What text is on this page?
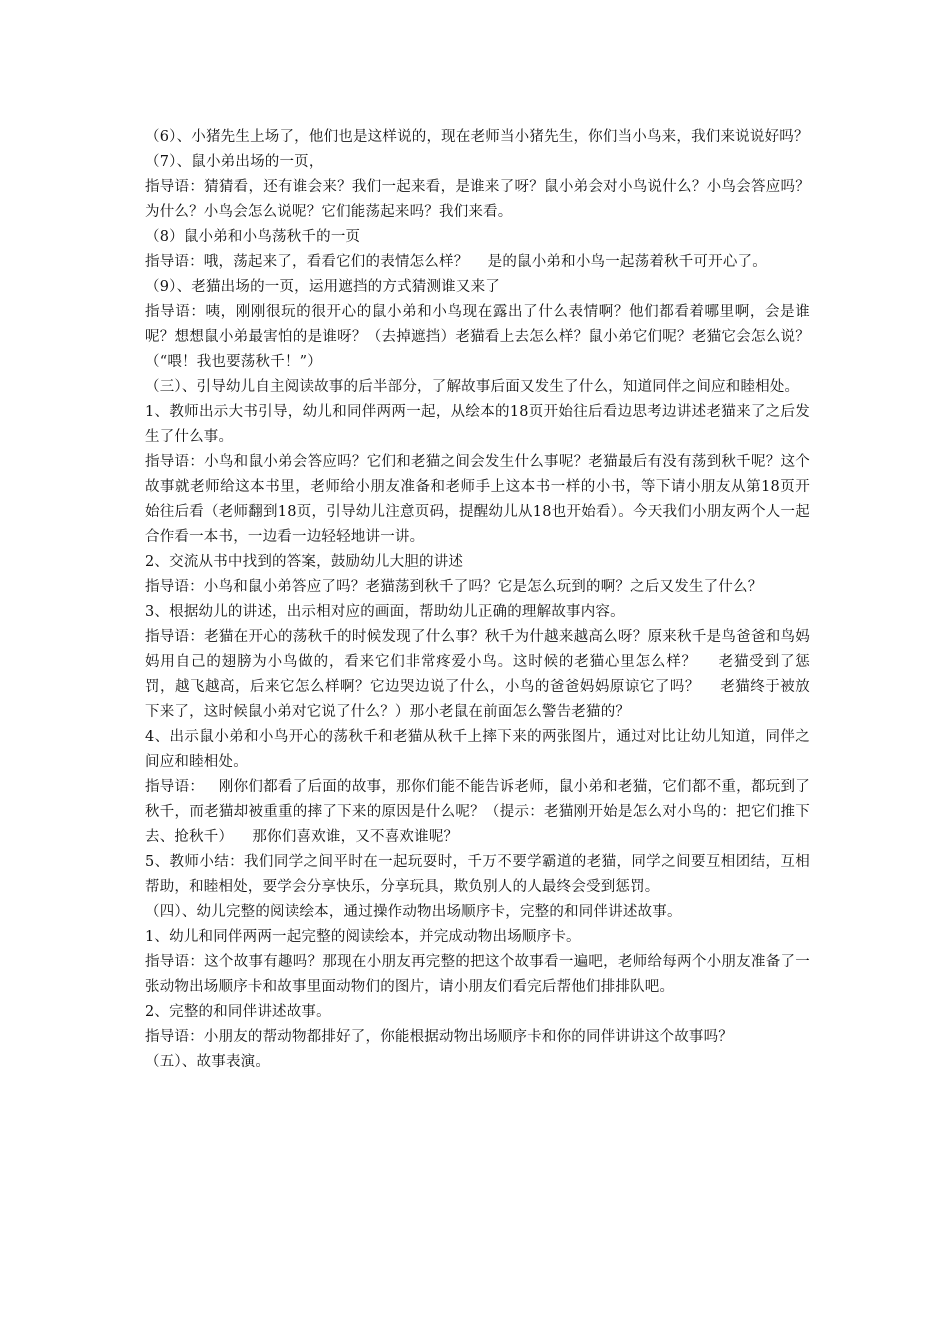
（6）、小猪先生上场了，他们也是这样说的，现在老师当小猪先生，你们当小鸟来，我们来说说好吗？

（7）、鼠小弟出场的一页，

指导语：猜猜看，还有谁会来？我们一起来看，是谁来了呀？鼠小弟会对小鸟说什么？小鸟会答应吗？为什么？小鸟会怎么说呢？它们能荡起来吗？我们来看。

（8）鼠小弟和小鸟荡秋千的一页

指导语：哦，荡起来了，看看它们的表情怎么样？    是的鼠小弟和小鸟一起荡着秋千可开心了。

（9）、老猫出场的一页，运用遮挡的方式猜测谁又来了

指导语：咦，刚刚很玩的很开心的鼠小弟和小鸟现在露出了什么表情啊？他们都看着哪里啊，会是谁呢？想想鼠小弟最害怕的是谁呀？（去掉遮挡）老猫看上去怎么样？鼠小弟它们呢？老猫它会怎么说？（“喂！我也要荡秋千！”）

（三）、引导幼儿自主阅读故事的后半部分，了解故事后面又发生了什么，知道同伴之间应和睦相处。

1、教师出示大书引导，幼儿和同伴两两一起，从绘本的18页开始往后看边思考边讲述老猫来了之后发生了什么事。

指导语：小鸟和鼠小弟会答应吗？它们和老猫之间会发生什么事呢？老猫最后有没有荡到秋千呢？这个故事就老师给这本书里，老师给小朋友准备和老师手上这本书一样的小书，等下请小朋友从第18页开始往后看（老师翻到18页，引导幼儿注意页码，提醒幼儿从18也开始看）。今天我们小朋友两个人一起合作看一本书，一边看一边轻轻地讲一讲。

2、交流从书中找到的答案，鼓励幼儿大胆的讲述

指导语：小鸟和鼠小弟答应了吗？老猫荡到秋千了吗？它是怎么玩到的啊？之后又发生了什么？

3、根据幼儿的讲述，出示相对应的画面，帮助幼儿正确的理解故事内容。

指导语：老猫在开心的荡秋千的时候发现了什么事？秋千为什越来越高么呀？原来秋千是鸟爸爸和鸟妈妈用自己的翅膀为小鸟做的，看来它们非常疼爱小鸟。这时候的老猫心里怎么样？    老猫受到了惩罚，越飞越高，后来它怎么样啊？它边哭边说了什么，小鸟的爸爸妈妈原谅它了吗？    老猫终于被放下来了，这时候鼠小弟对它说了什么？）那小老鼠在前面怎么警告老猫的？

4、出示鼠小弟和小鸟开心的荡秋千和老猫从秋千上摔下来的两张图片，通过对比让幼儿知道，同伴之间应和睦相处。

指导语：   刚你们都看了后面的故事，那你们能不能告诉老师，鼠小弟和老猫，它们都不重，都玩到了秋千，而老猫却被重重的摔了下来的原因是什么呢？（提示：老猫刚开始是怎么对小鸟的：把它们推下去、抢秋千）    那你们喜欢谁，又不喜欢谁呢？

5、教师小结：我们同学之间平时在一起玩耍时，千万不要学霸道的老猫，同学之间要互相团结，互相帮助，和睦相处，要学会分享快乐，分享玩具，欺负别人的人最终会受到惩罚。

（四）、幼儿完整的阅读绘本，通过操作动物出场顺序卡，完整的和同伴讲述故事。

1、幼儿和同伴两两一起完整的阅读绘本，并完成动物出场顺序卡。

指导语：这个故事有趣吗？那现在小朋友再完整的把这个故事看一遍吧，老师给每两个小朋友准备了一张动物出场顺序卡和故事里面动物们的图片，请小朋友们看完后帮他们排排队吧。

2、完整的和同伴讲述故事。

指导语：小朋友的帮动物都排好了，你能根据动物出场顺序卡和你的同伴讲讲这个故事吗？

（五）、故事表演。
